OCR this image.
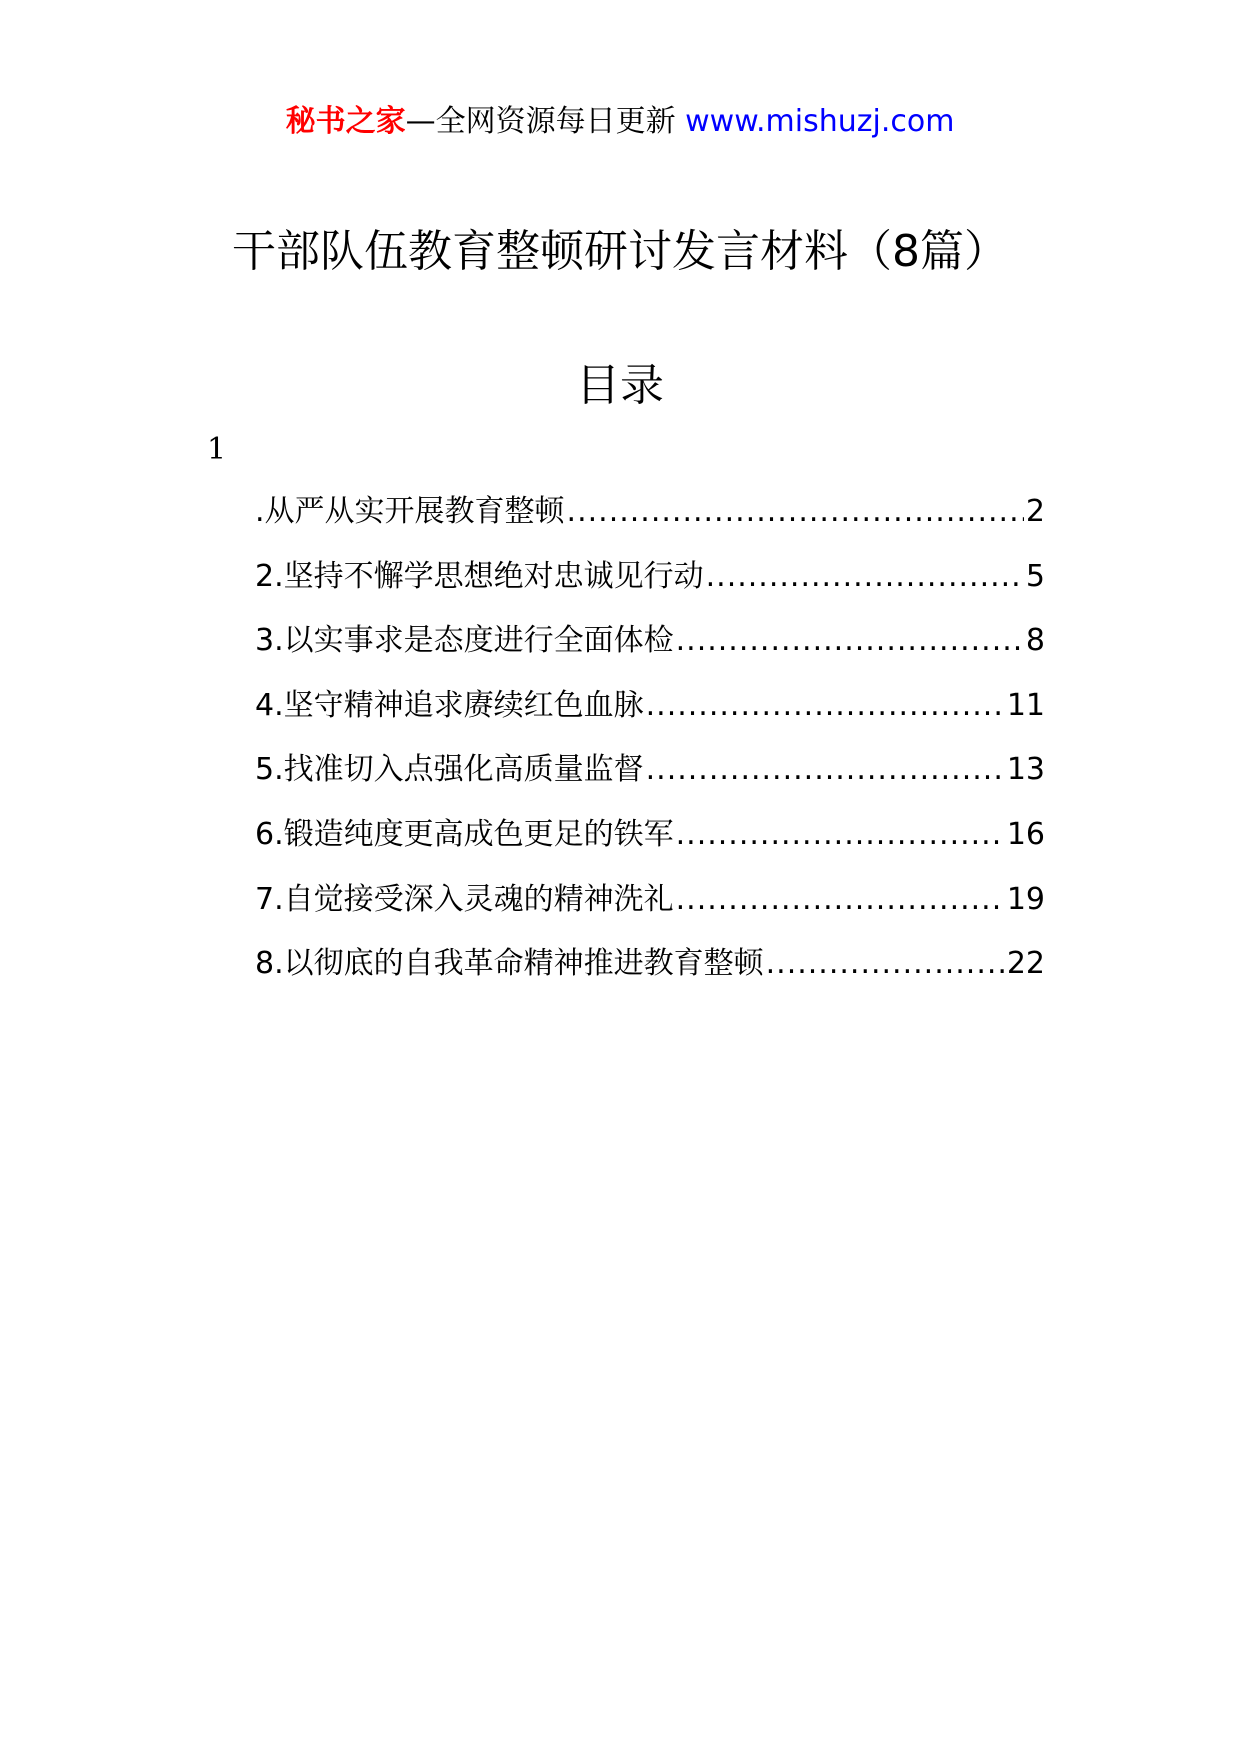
秘书之家—全网资源每日更新 www.mishuzj.com
干部队伍教育整顿研讨发言材料（8篇）
目录
1
.从严从实开展教育整顿 .....	2
2.坚持不懈学思想绝对忠诚见行动 .....	5
3.以实事求是态度进行全面体检 .....	8
4.坚守精神追求赓续红色血脉 .....	11
5.找准切入点强化高质量监督 .....	13
6.锻造纯度更高成色更足的铁军 .....	16
7.自觉接受深入灵魂的精神洗礼 .....	19
8.以彻底的自我革命精神推进教育整顿 .....	22
